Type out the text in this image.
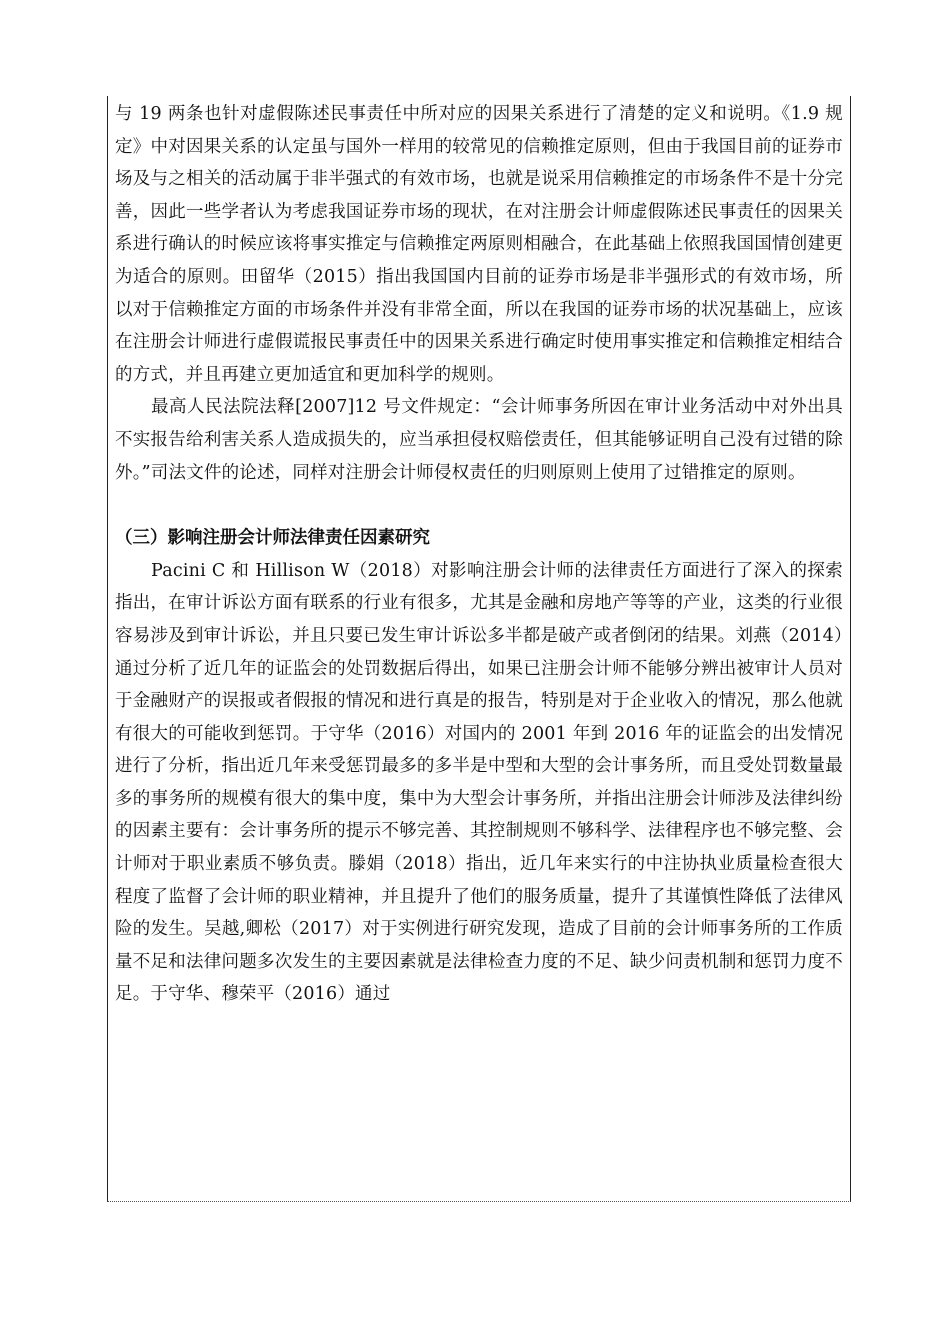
与 19 两条也针对虚假陈述民事责任中所对应的因果关系进行了清楚的定义和说明。《1.9 规定》中对因果关系的认定虽与国外一样用的较常见的信赖推定原则，但由于我国目前的证券市场及与之相关的活动属于非半强式的有效市场，也就是说采用信赖推定的市场条件不是十分完善，因此一些学者认为考虑我国证券市场的现状，在对注册会计师虚假陈述民事责任的因果关系进行确认的时候应该将事实推定与信赖推定两原则相融合，在此基础上依照我国国情创建更为适合的原则。田留华（2015）指出我国国内目前的证券市场是非半强形式的有效市场，所以对于信赖推定方面的市场条件并没有非常全面，所以在我国的证券市场的状况基础上，应该在注册会计师进行虚假谎报民事责任中的因果关系进行确定时使用事实推定和信赖推定相结合的方式，并且再建立更加适宜和更加科学的规则。

最高人民法院法释[2007]12 号文件规定：“会计师事务所因在审计业务活动中对外出具不实报告给利害关系人造成损失的，应当承担侵权赔偿责任，但其能够证明自己没有过错的除外。”司法文件的论述，同样对注册会计师侵权责任的归则原则上使用了过错推定的原则。

（三）影响注册会计师法律责任因素研究

Pacini C 和 Hillison W（2018）对影响注册会计师的法律责任方面进行了深入的探索指出，在审计诉讼方面有联系的行业有很多，尤其是金融和房地产等等的产业，这类的行业很容易涉及到审计诉讼，并且只要已发生审计诉讼多半都是破产或者倒闭的结果。刘燕（2014）通过分析了近几年的证监会的处罚数据后得出，如果已注册会计师不能够分辨出被审计人员对于金融财产的误报或者假报的情况和进行真是的报告，特别是对于企业收入的情况，那么他就有很大的可能收到惩罚。于守华（2016）对国内的 2001 年到 2016 年的证监会的出发情况进行了分析，指出近几年来受惩罚最多的多半是中型和大型的会计事务所，而且受处罚数量最多的事务所的规模有很大的集中度，集中为大型会计事务所，并指出注册会计师涉及法律纠纷的因素主要有：会计事务所的提示不够完善、其控制规则不够科学、法律程序也不够完整、会计师对于职业素质不够负责。滕娟（2018）指出，近几年来实行的中注协执业质量检查很大程度了监督了会计师的职业精神，并且提升了他们的服务质量，提升了其谨慎性降低了法律风险的发生。吴越,卿松（2017）对于实例进行研究发现，造成了目前的会计师事务所的工作质量不足和法律问题多次发生的主要因素就是法律检查力度的不足、缺少问责机制和惩罚力度不足。于守华、穆荣平（2016）通过
